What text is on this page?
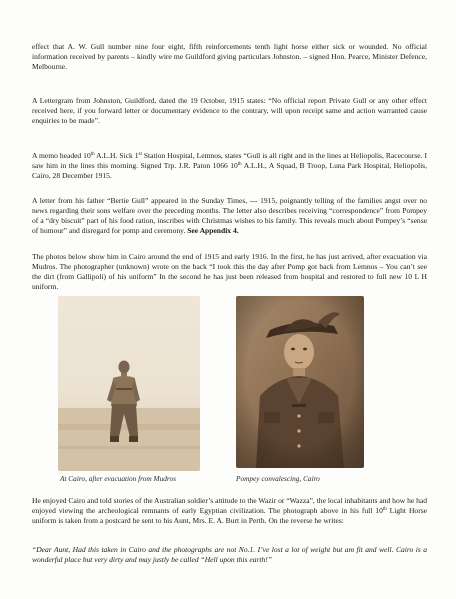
effect that A. W. Gull number nine four eight, fifth reinforcements tenth light horse either sick or wounded. No official information received by parents – kindly wire me Guildford giving particulars Johnston. – signed Hon. Pearce, Minister Defence, Melbourne.

A Lettergram from Johnston, Guildford, dated the 19 October, 1915 states: “No official report Private Gull or any other effect received here, if you forward letter or documentary evidence to the contrary, will upon receipt same and action warranted cause enquiries to be made”.

A memo headed 10th A.L.H. Sick 1st Station Hospital, Lemnos, states “Gull is all right and in the lines at Heliopolis, Racecourse. I saw him in the lines this morning. Signed Trp. J.R. Paton 1066 10th A.L.H., A Squad, B Troop, Luna Park Hospital, Heliopolis, Cairo, 28 December 1915.

A letter from his father “Bertie Gull” appeared in the Sunday Times, --- 1915, poignantly telling of the families angst over no news regarding their sons welfare over the preceding months. The letter also describes receiving “correspondence” from Pompey of a “dry biscuit” part of his food ration, inscribes with Christmas wishes to his family. This reveals much about Pompey’s “sense of humour” and disregard for pomp and ceremony. See Appendix 4.

The photos below show him in Cairo around the end of 1915 and early 1916. In the first, he has just arrived, after evacuation via Mudros. The photographer (unknown) wrote on the back “I took this the day after Pomp got back from Lemnos – You can’t see the dirt (from Gallipoli) of his uniform” In the second he has just been released from hospital and restored to full new 10 L H uniform.

At Cairo, after evacuation from Mudros	Pompey convalescing, Cairo

He enjoyed Cairo and told stories of the Australian soldier’s attitude to the Wazir or “Wazza”, the local inhabitants and how he had enjoyed viewing the archeological remnants of early Egyptian civilization. The photograph above in his full 10th Light Horse uniform is taken from a postcard he sent to his Aunt, Mrs. E. A. Burt in Perth. On the reverse he writes:

“Dear Aunt, Had this taken in Cairo and the photographs are not No.1. I’ve lost a lot of weight but am fit and well. Cairo is a wonderful place but very dirty and may justly be called “Hell upon this earth!”
